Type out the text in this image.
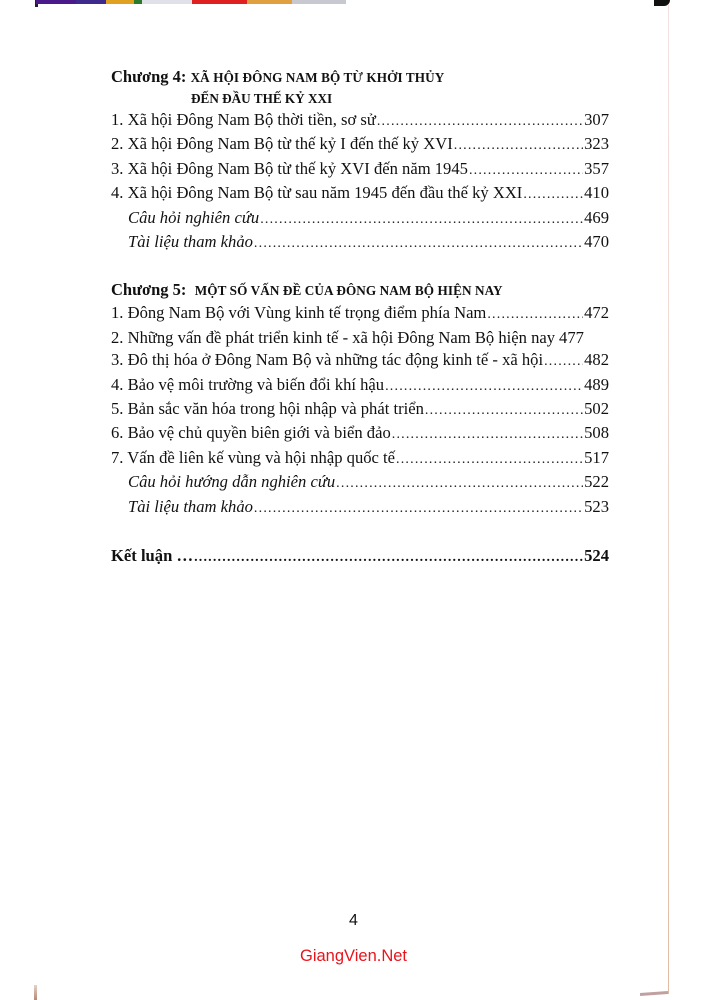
Chương 4: XÃ HỘI ĐÔNG NAM BỘ TỪ KHỞI THỦY
ĐẾN ĐẦU THẾ KỶ XXI
1. Xã hội Đông Nam Bộ thời tiền, sơ sử .....	307
2. Xã hội Đông Nam Bộ từ thế kỷ I đến thế kỷ XVI .....	323
3. Xã hội Đông Nam Bộ từ thế kỷ XVI đến năm 1945 .....	357
4. Xã hội Đông Nam Bộ từ sau năm 1945 đến đầu thế kỷ XXI .....	410
Câu hỏi nghiên cứu .....	469
Tài liệu tham khảo .....	470
Chương 5: MỘT SỐ VẤN ĐỀ CỦA ĐÔNG NAM BỘ HIỆN NAY
1. Đông Nam Bộ với Vùng kinh tế trọng điểm phía Nam .....	472
2. Những vấn đề phát triển kinh tế - xã hội Đông Nam Bộ hiện nay 477
3. Đô thị hóa ở Đông Nam Bộ và những tác động kinh tế - xã hội ..... 482
4. Bảo vệ môi trường và biến đổi khí hậu .....	489
5. Bản sắc văn hóa trong hội nhập và phát triển .....	502
6. Bảo vệ chủ quyền biên giới và biển đảo .....	508
7. Vấn đề liên kế vùng và hội nhập quốc tế .....	517
Câu hỏi hướng dẫn nghiên cứu .....	522
Tài liệu tham khảo .....	523
Kết luận … .....	524
4
GiangVien.Net
